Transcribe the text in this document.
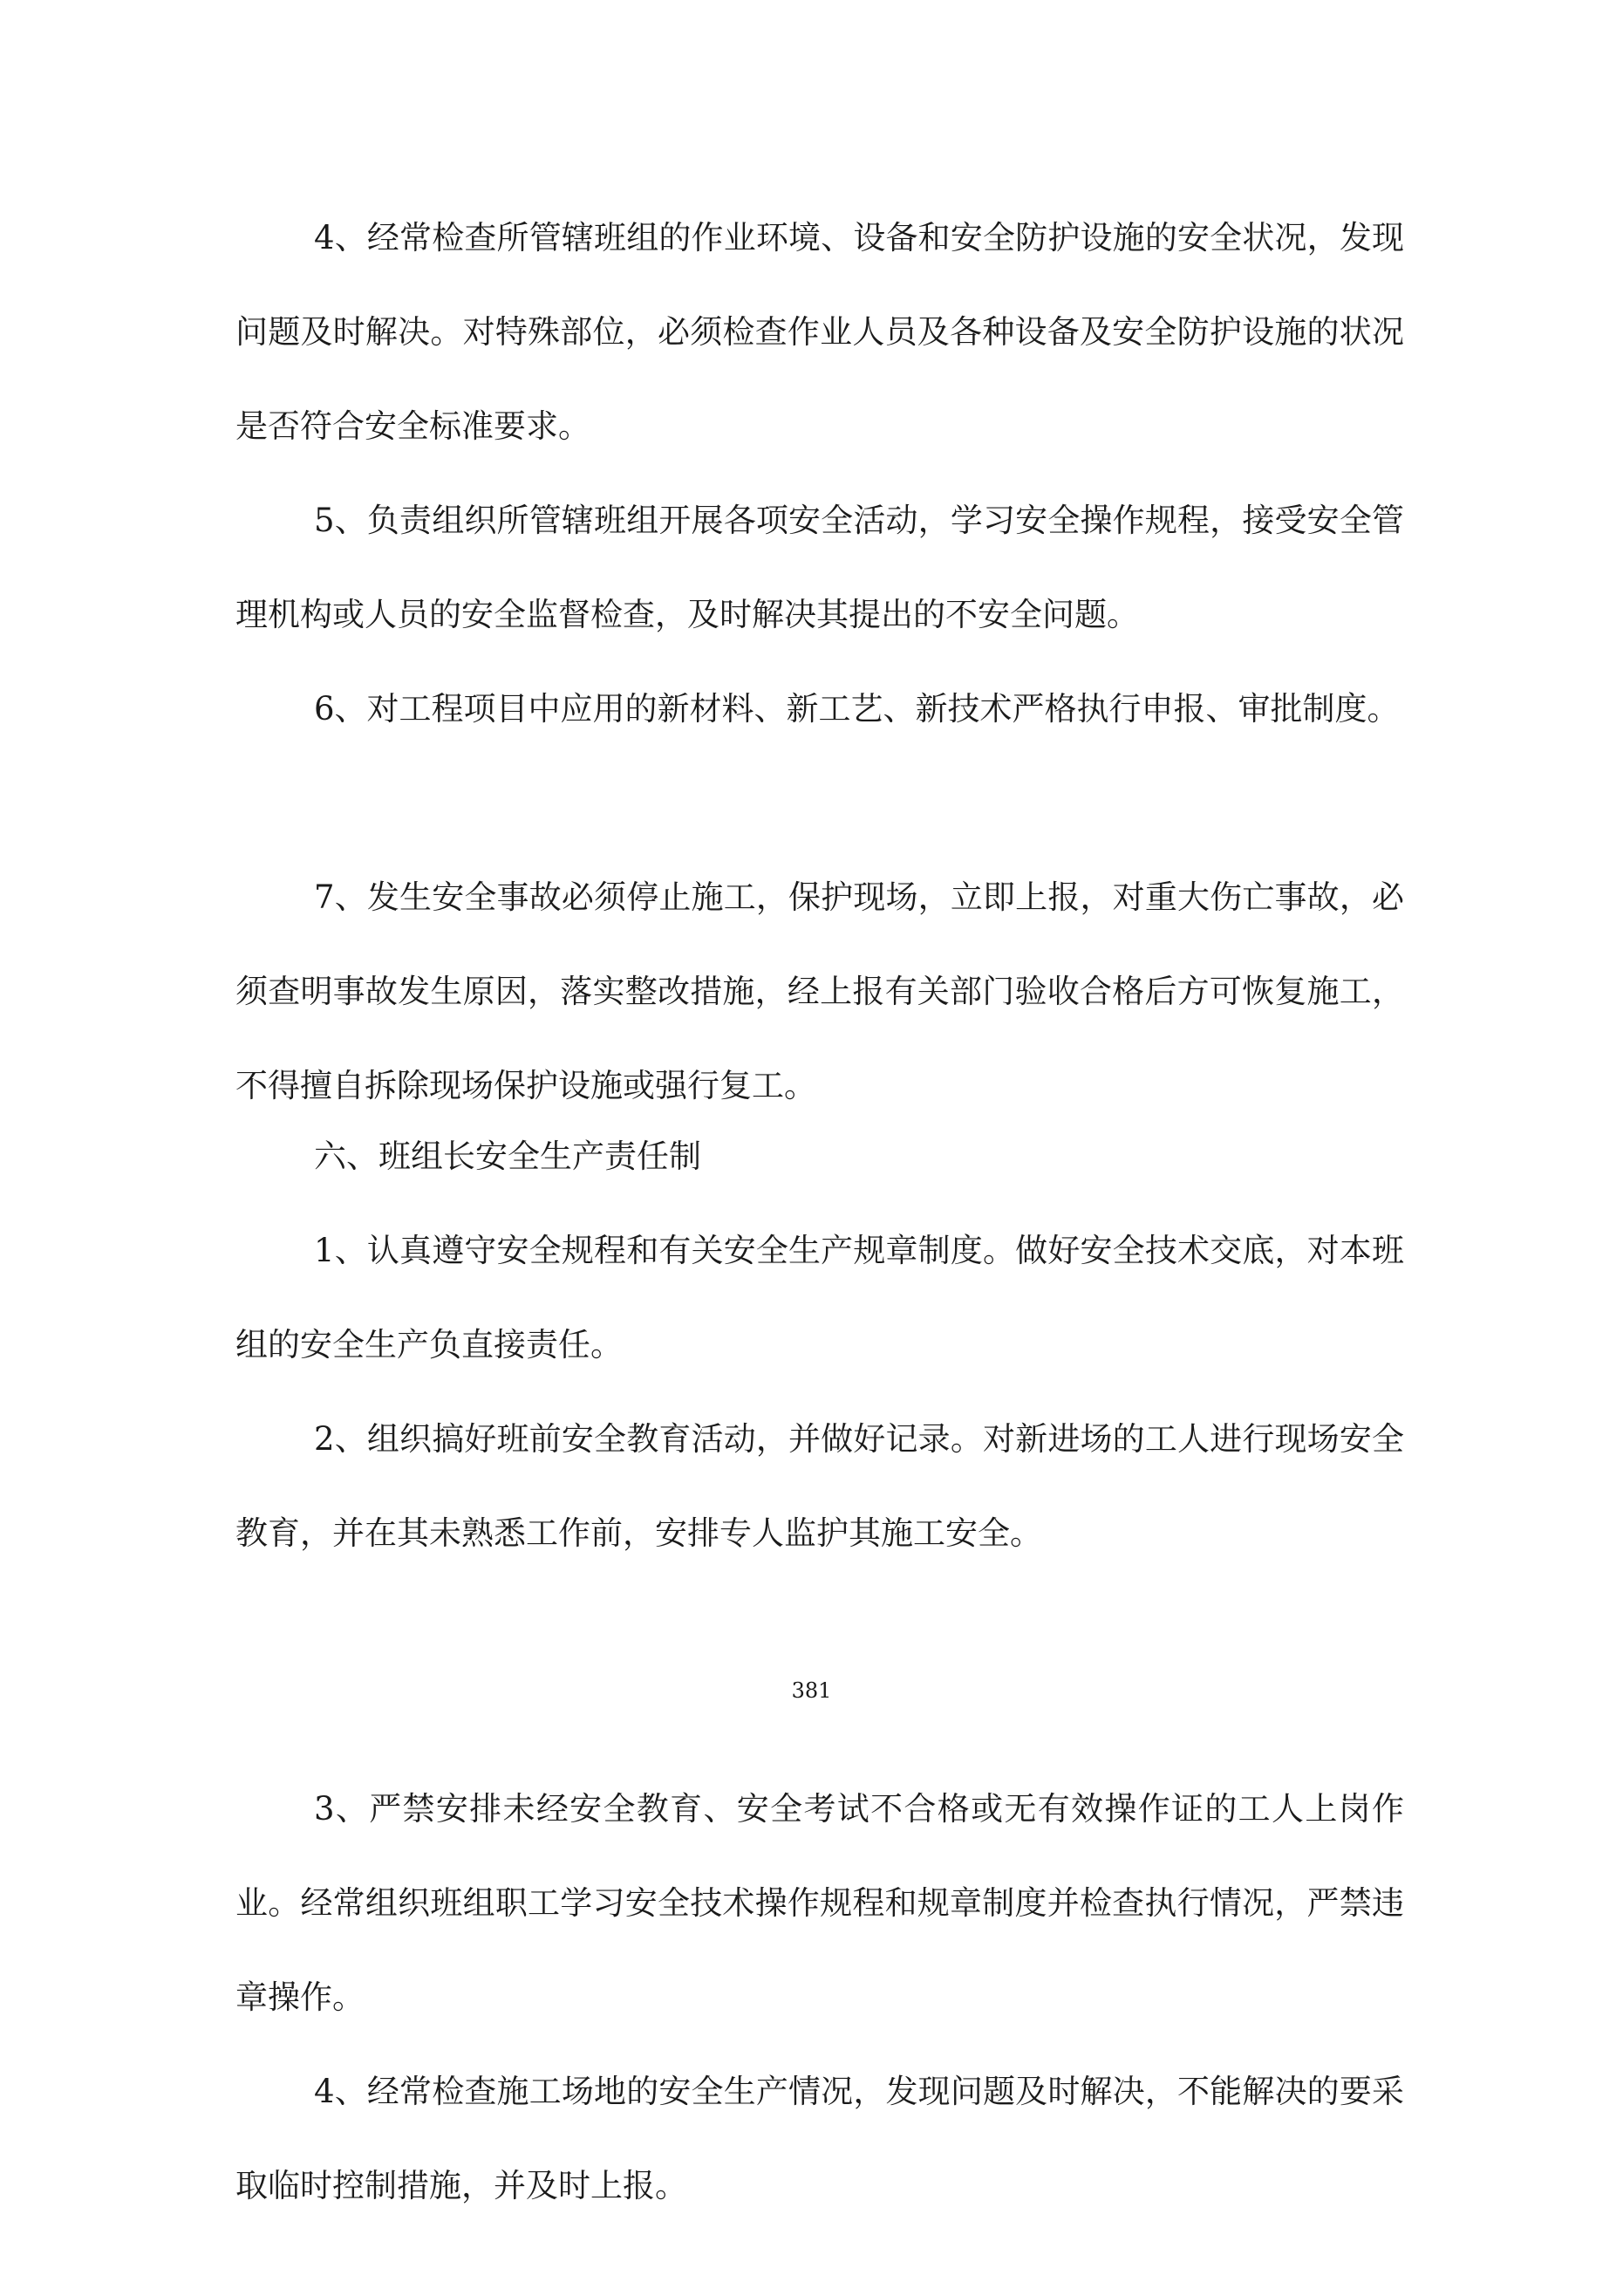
4、经常检查所管辖班组的作业环境、设备和安全防护设施的安全状况，发现问题及时解决。对特殊部位，必须检查作业人员及各种设备及安全防护设施的状况是否符合安全标准要求。

5、负责组织所管辖班组开展各项安全活动，学习安全操作规程，接受安全管理机构或人员的安全监督检查，及时解决其提出的不安全问题。

6、对工程项目中应用的新材料、新工艺、新技术严格执行申报、审批制度。

7、发生安全事故必须停止施工，保护现场，立即上报，对重大伤亡事故，必须查明事故发生原因，落实整改措施，经上报有关部门验收合格后方可恢复施工，不得擅自拆除现场保护设施或强行复工。

六、班组长安全生产责任制

1、认真遵守安全规程和有关安全生产规章制度。做好安全技术交底，对本班组的安全生产负直接责任。

2、组织搞好班前安全教育活动，并做好记录。对新进场的工人进行现场安全教育，并在其未熟悉工作前，安排专人监护其施工安全。

381

3、严禁安排未经安全教育、安全考试不合格或无有效操作证的工人上岗作业。经常组织班组职工学习安全技术操作规程和规章制度并检查执行情况，严禁违章操作。

4、经常检查施工场地的安全生产情况，发现问题及时解决，不能解决的要采取临时控制措施，并及时上报。
